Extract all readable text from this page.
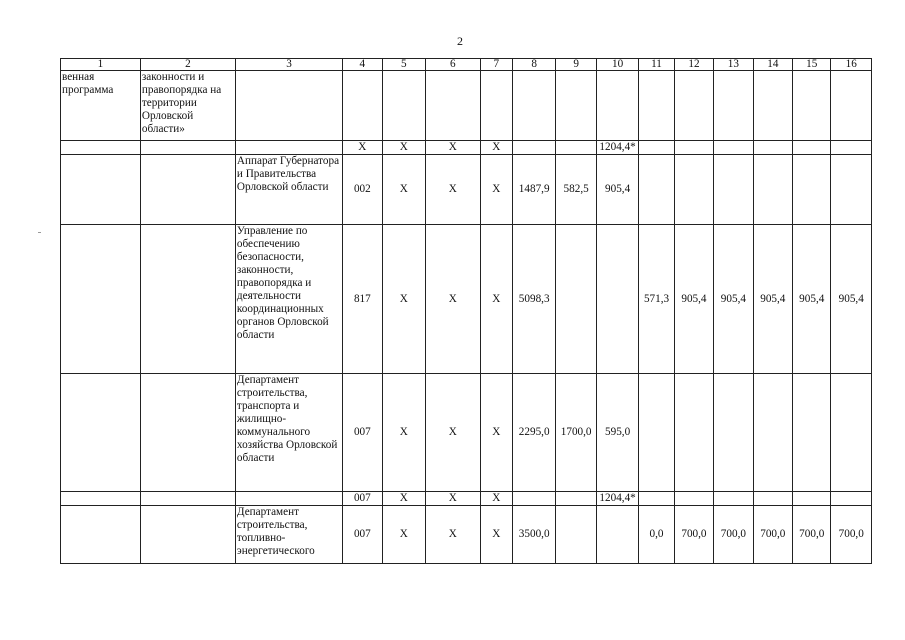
2
1	2	3	4	5	6	7	8	9	10	11	12	13	14	15	16
венная программа	законности и правопорядка на территории Орловской области»														
			X	X	X	X			1204,4*						
		Аппарат Губернатора и Правительства Орловской области	002	X	X	X	1487,9	582,5	905,4						
		Управление по обеспечению безопасности, законности, правопорядка и деятельности координационных органов Орловской области	817	X	X	X	5098,3			571,3	905,4	905,4	905,4	905,4	905,4
		Департамент строительства, транспорта и жилищно-коммунального хозяйства Орловской области	007	X	X	X	2295,0	1700,0	595,0						
			007	X	X	X			1204,4*						
		Департамент строительства, топливно-энергетического	007	X	X	X	3500,0			0,0	700,0	700,0	700,0	700,0	700,0
